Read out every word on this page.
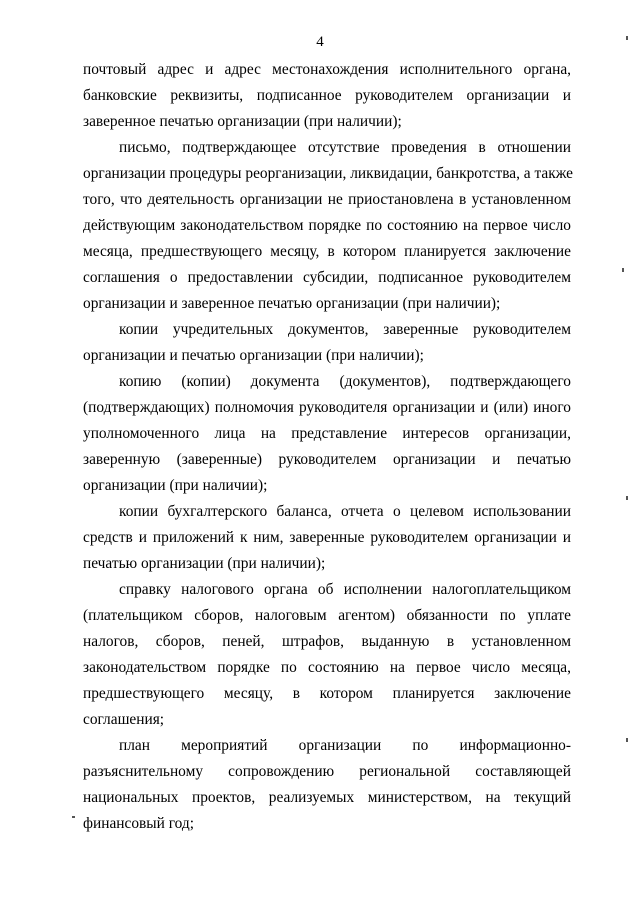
4
почтовый адрес и адрес местонахождения исполнительного органа,
банковские реквизиты, подписанное руководителем организации и
заверенное печатью организации (при наличии);
письмо, подтверждающее отсутствие проведения в отношении
организации процедуры реорганизации, ликвидации, банкротства, а также
того, что деятельность организации не приостановлена в установленном
действующим законодательством порядке по состоянию на первое число
месяца, предшествующего месяцу, в котором планируется заключение
соглашения о предоставлении субсидии, подписанное руководителем
организации и заверенное печатью организации (при наличии);
копии учредительных документов, заверенные руководителем
организации и печатью организации (при наличии);
копию (копии) документа (документов), подтверждающего
(подтверждающих) полномочия руководителя организации и (или) иного
уполномоченного лица на представление интересов организации,
заверенную (заверенные) руководителем организации и печатью
организации (при наличии);
копии бухгалтерского баланса, отчета о целевом использовании
средств и приложений к ним, заверенные руководителем организации и
печатью организации (при наличии);
справку налогового органа об исполнении налогоплательщиком
(плательщиком сборов, налоговым агентом) обязанности по уплате
налогов, сборов, пеней, штрафов, выданную в установленном
законодательством порядке по состоянию на первое число месяца,
предшествующего месяцу, в котором планируется заключение
соглашения;
план мероприятий организации по информационно-
разъяснительному сопровождению региональной составляющей
национальных проектов, реализуемых министерством, на текущий
финансовый год;
